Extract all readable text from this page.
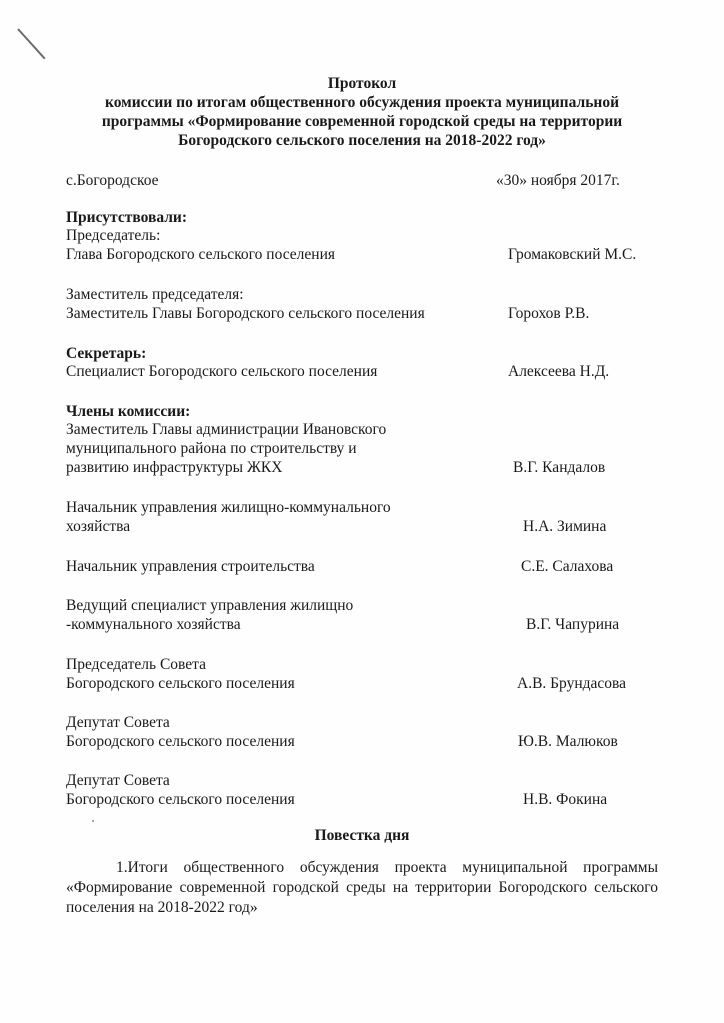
Протокол
комиссии по итогам общественного обсуждения проекта муниципальной
программы «Формирование современной городской среды на территории
Богородского сельского поселения на 2018-2022 год»
с.Богородское	«30» ноября 2017г.
Присутствовали:
Председатель:
Глава Богородского сельского поселения	Громаковский М.С.
Заместитель председателя:
Заместитель Главы Богородского сельского поселения	Горохов Р.В.
Секретарь:
Специалист Богородского сельского поселения	Алексеева Н.Д.
Члены комиссии:
Заместитель Главы администрации Ивановского
муниципального района по строительству и
развитию инфраструктуры ЖКХ	В.Г. Кандалов
Начальник управления жилищно-коммунального
хозяйства	Н.А. Зимина
Начальник управления строительства	С.Е. Салахова
Ведущий специалист управления жилищно
-коммунального хозяйства	В.Г. Чапурина
Председатель Совета
Богородского сельского поселения	А.В. Брундасова
Депутат Совета
Богородского сельского поселения	Ю.В. Малюков
Депутат Совета
Богородского сельского поселения	Н.В. Фокина
Повестка дня
1.Итоги общественного обсуждения проекта муниципальной программы «Формирование современной городской среды на территории Богородского сельского поселения на 2018-2022 год»
